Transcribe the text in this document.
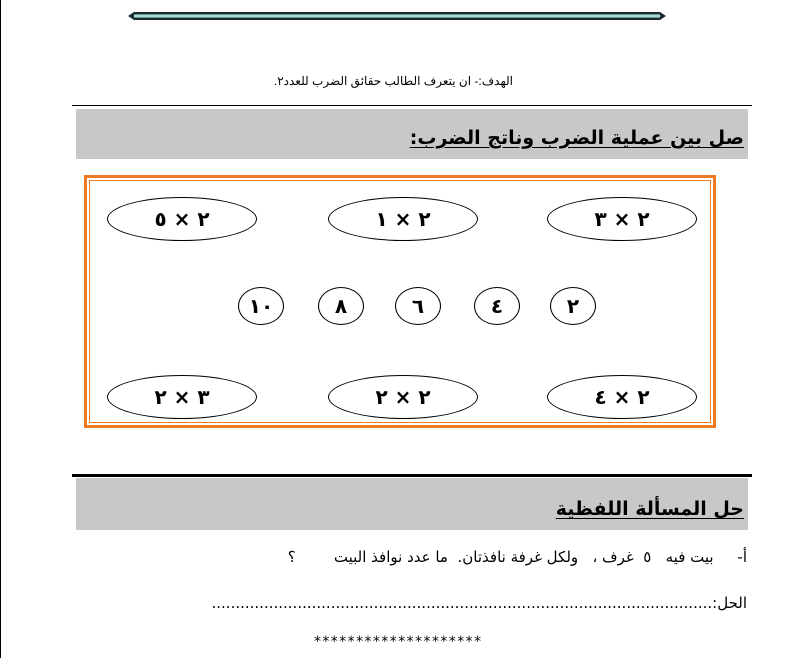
الهدف:- ان يتعرف الطالب حقائق الضرب للعدد٢.
صل بين عملية الضرب وناتج الضرب:
٢ × ٣
٢ × ١
٢ × ٥
٢
٤
٦
٨
١٠
٢ × ٤
٢ × ٢
٣ × ٢
حل المسألة اللفظية
أ-     بيت فيه   ٥  غرف ،   ولكل غرفة نافذتان.  ما عدد نوافذ البيت        ؟
الحل:.........................................................................................................
********************
